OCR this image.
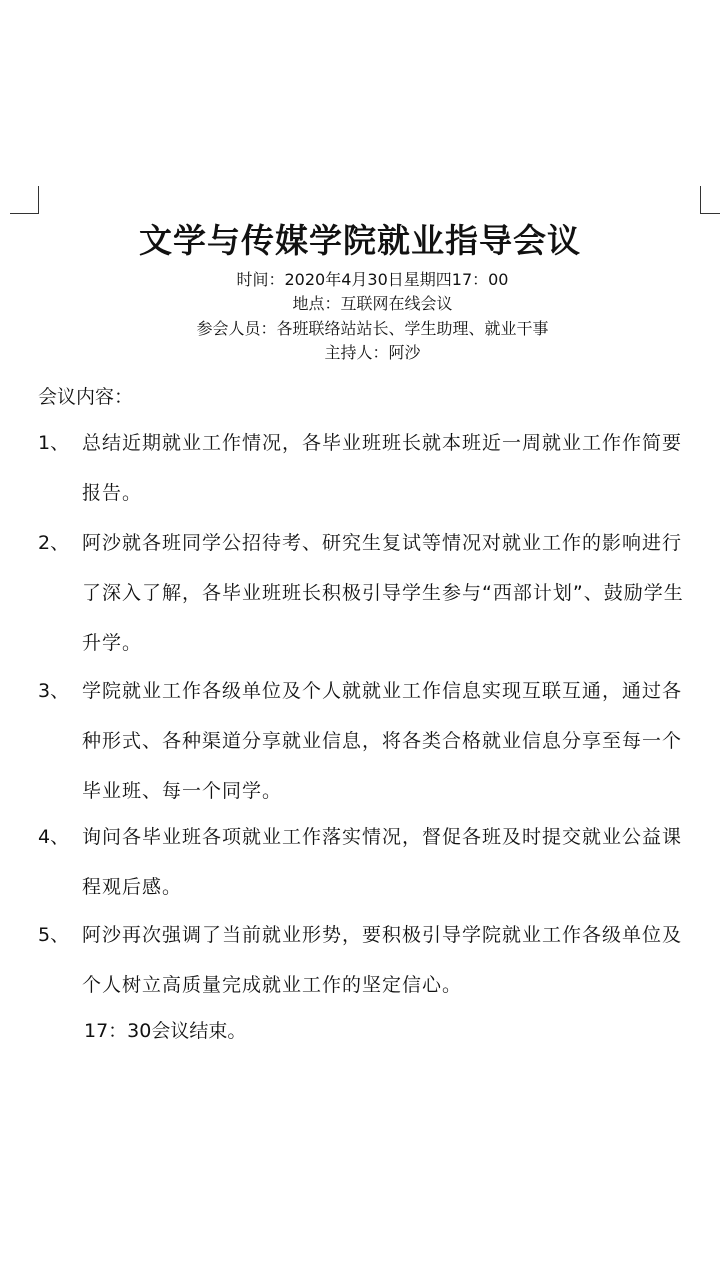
文学与传媒学院就业指导会议
时间：2020年4月30日星期四17：00
地点：互联网在线会议
参会人员：各班联络站站长、学生助理、就业干事
主持人：阿沙
会议内容：
1、 总结近期就业工作情况，各毕业班班长就本班近一周就业工作作简要报告。
2、 阿沙就各班同学公招待考、研究生复试等情况对就业工作的影响进行了深入了解，各毕业班班长积极引导学生参与“西部计划”、鼓励学生升学。
3、 学院就业工作各级单位及个人就就业工作信息实现互联互通，通过各种形式、各种渠道分享就业信息，将各类合格就业信息分享至每一个毕业班、每一个同学。
4、 询问各毕业班各项就业工作落实情况，督促各班及时提交就业公益课程观后感。
5、 阿沙再次强调了当前就业形势，要积极引导学院就业工作各级单位及个人树立高质量完成就业工作的坚定信心。
17：30会议结束。
